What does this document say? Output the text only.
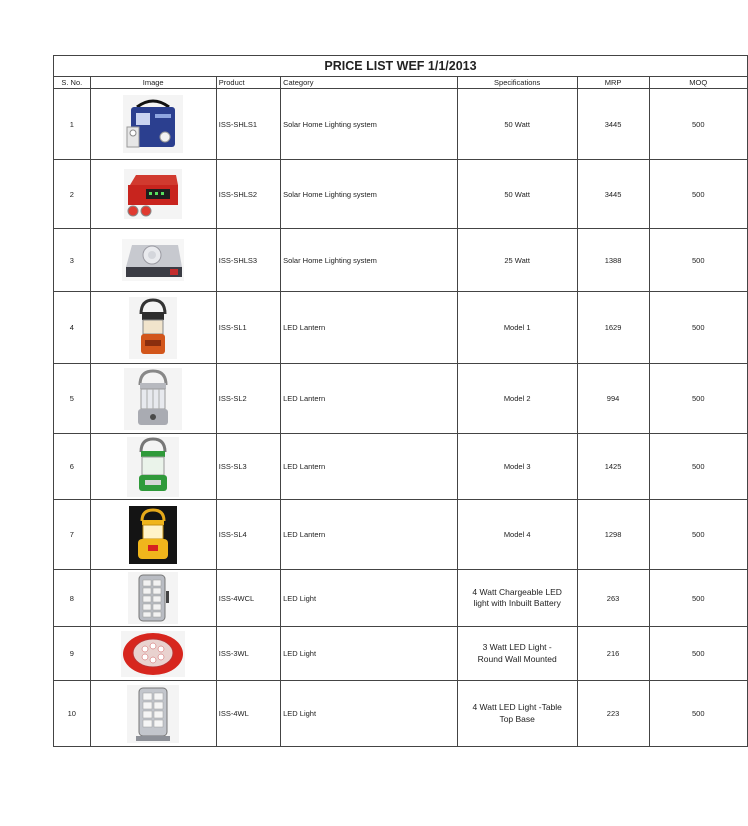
PRICE LIST WEF 1/1/2013						
S. No.	Image	Product	Category	Specifications	MRP	MOQ
1		ISS-SHLS1	Solar Home Lighting system	50 Watt	3445	500
2		ISS-SHLS2	Solar Home Lighting system	50 Watt	3445	500
3		ISS-SHLS3	Solar Home Lighting system	25 Watt	1388	500
4		ISS-SL1	LED Lantern	Model 1	1629	500
5		ISS-SL2	LED Lantern	Model 2	994	500
6		ISS-SL3	LED Lantern	Model 3	1425	500
7		ISS-SL4	LED Lantern	Model 4	1298	500
8		ISS-4WCL	LED Light	4 Watt Chargeable LED
light with Inbuilt Battery	263	500
9		ISS-3WL	LED Light	3 Watt LED Light -
Round Wall Mounted	216	500
10		ISS-4WL	LED Light	4 Watt LED Light -Table
Top Base	223	500
